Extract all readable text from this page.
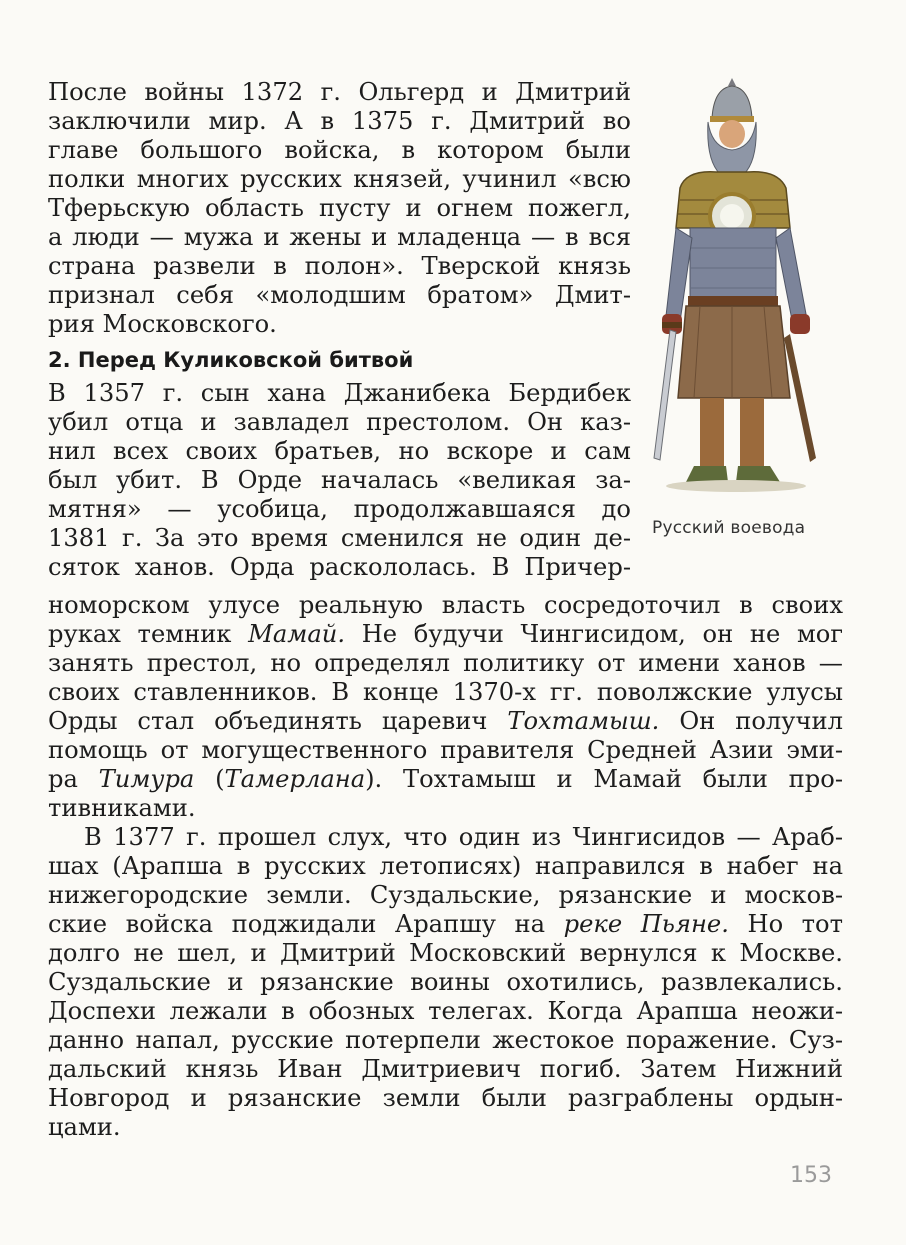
Русский воевода
После войны 1372 г. Ольгерд и Дмитрий
заключили мир. А в 1375 г. Дмитрий во
главе большого войска, в котором были
полки многих русских князей, учинил «всю
Тферьскую область пусту и огнем пожегл,
а люди — мужа и жены и младенца — в вся
страна развели в полон». Тверской князь
признал себя «молодшим братом» Дмит-
рия Московского.
2. Перед Куликовской битвой
В 1357 г. сын хана Джанибека Бердибек
убил отца и завладел престолом. Он каз-
нил всех своих братьев, но вскоре и сам
был убит. В Орде началась «великая за-
мятня» — усобица, продолжавшаяся до
1381 г. За это время сменился не один де-
сяток ханов. Орда раскололась. В Причер-
номорском улусе реальную власть сосредоточил в своих
руках темник Мамай. Не будучи Чингисидом, он не мог
занять престол, но определял политику от имени ханов —
своих ставленников. В конце 1370-х гг. поволжские улусы
Орды стал объединять царевич Тохтамыш. Он получил
помощь от могущественного правителя Средней Азии эми-
ра Тимура (Тамерлана). Тохтамыш и Мамай были про-
тивниками.
В 1377 г. прошел слух, что один из Чингисидов — Араб-
шах (Арапша в русских летописях) направился в набег на
нижегородские земли. Суздальские, рязанские и москов-
ские войска поджидали Арапшу на реке Пьяне. Но тот
долго не шел, и Дмитрий Московский вернулся к Москве.
Суздальские и рязанские воины охотились, развлекались.
Доспехи лежали в обозных телегах. Когда Арапша неожи-
данно напал, русские потерпели жестокое поражение. Суз-
дальский князь Иван Дмитриевич погиб. Затем Нижний
Новгород и рязанские земли были разграблены ордын-
цами.
153
